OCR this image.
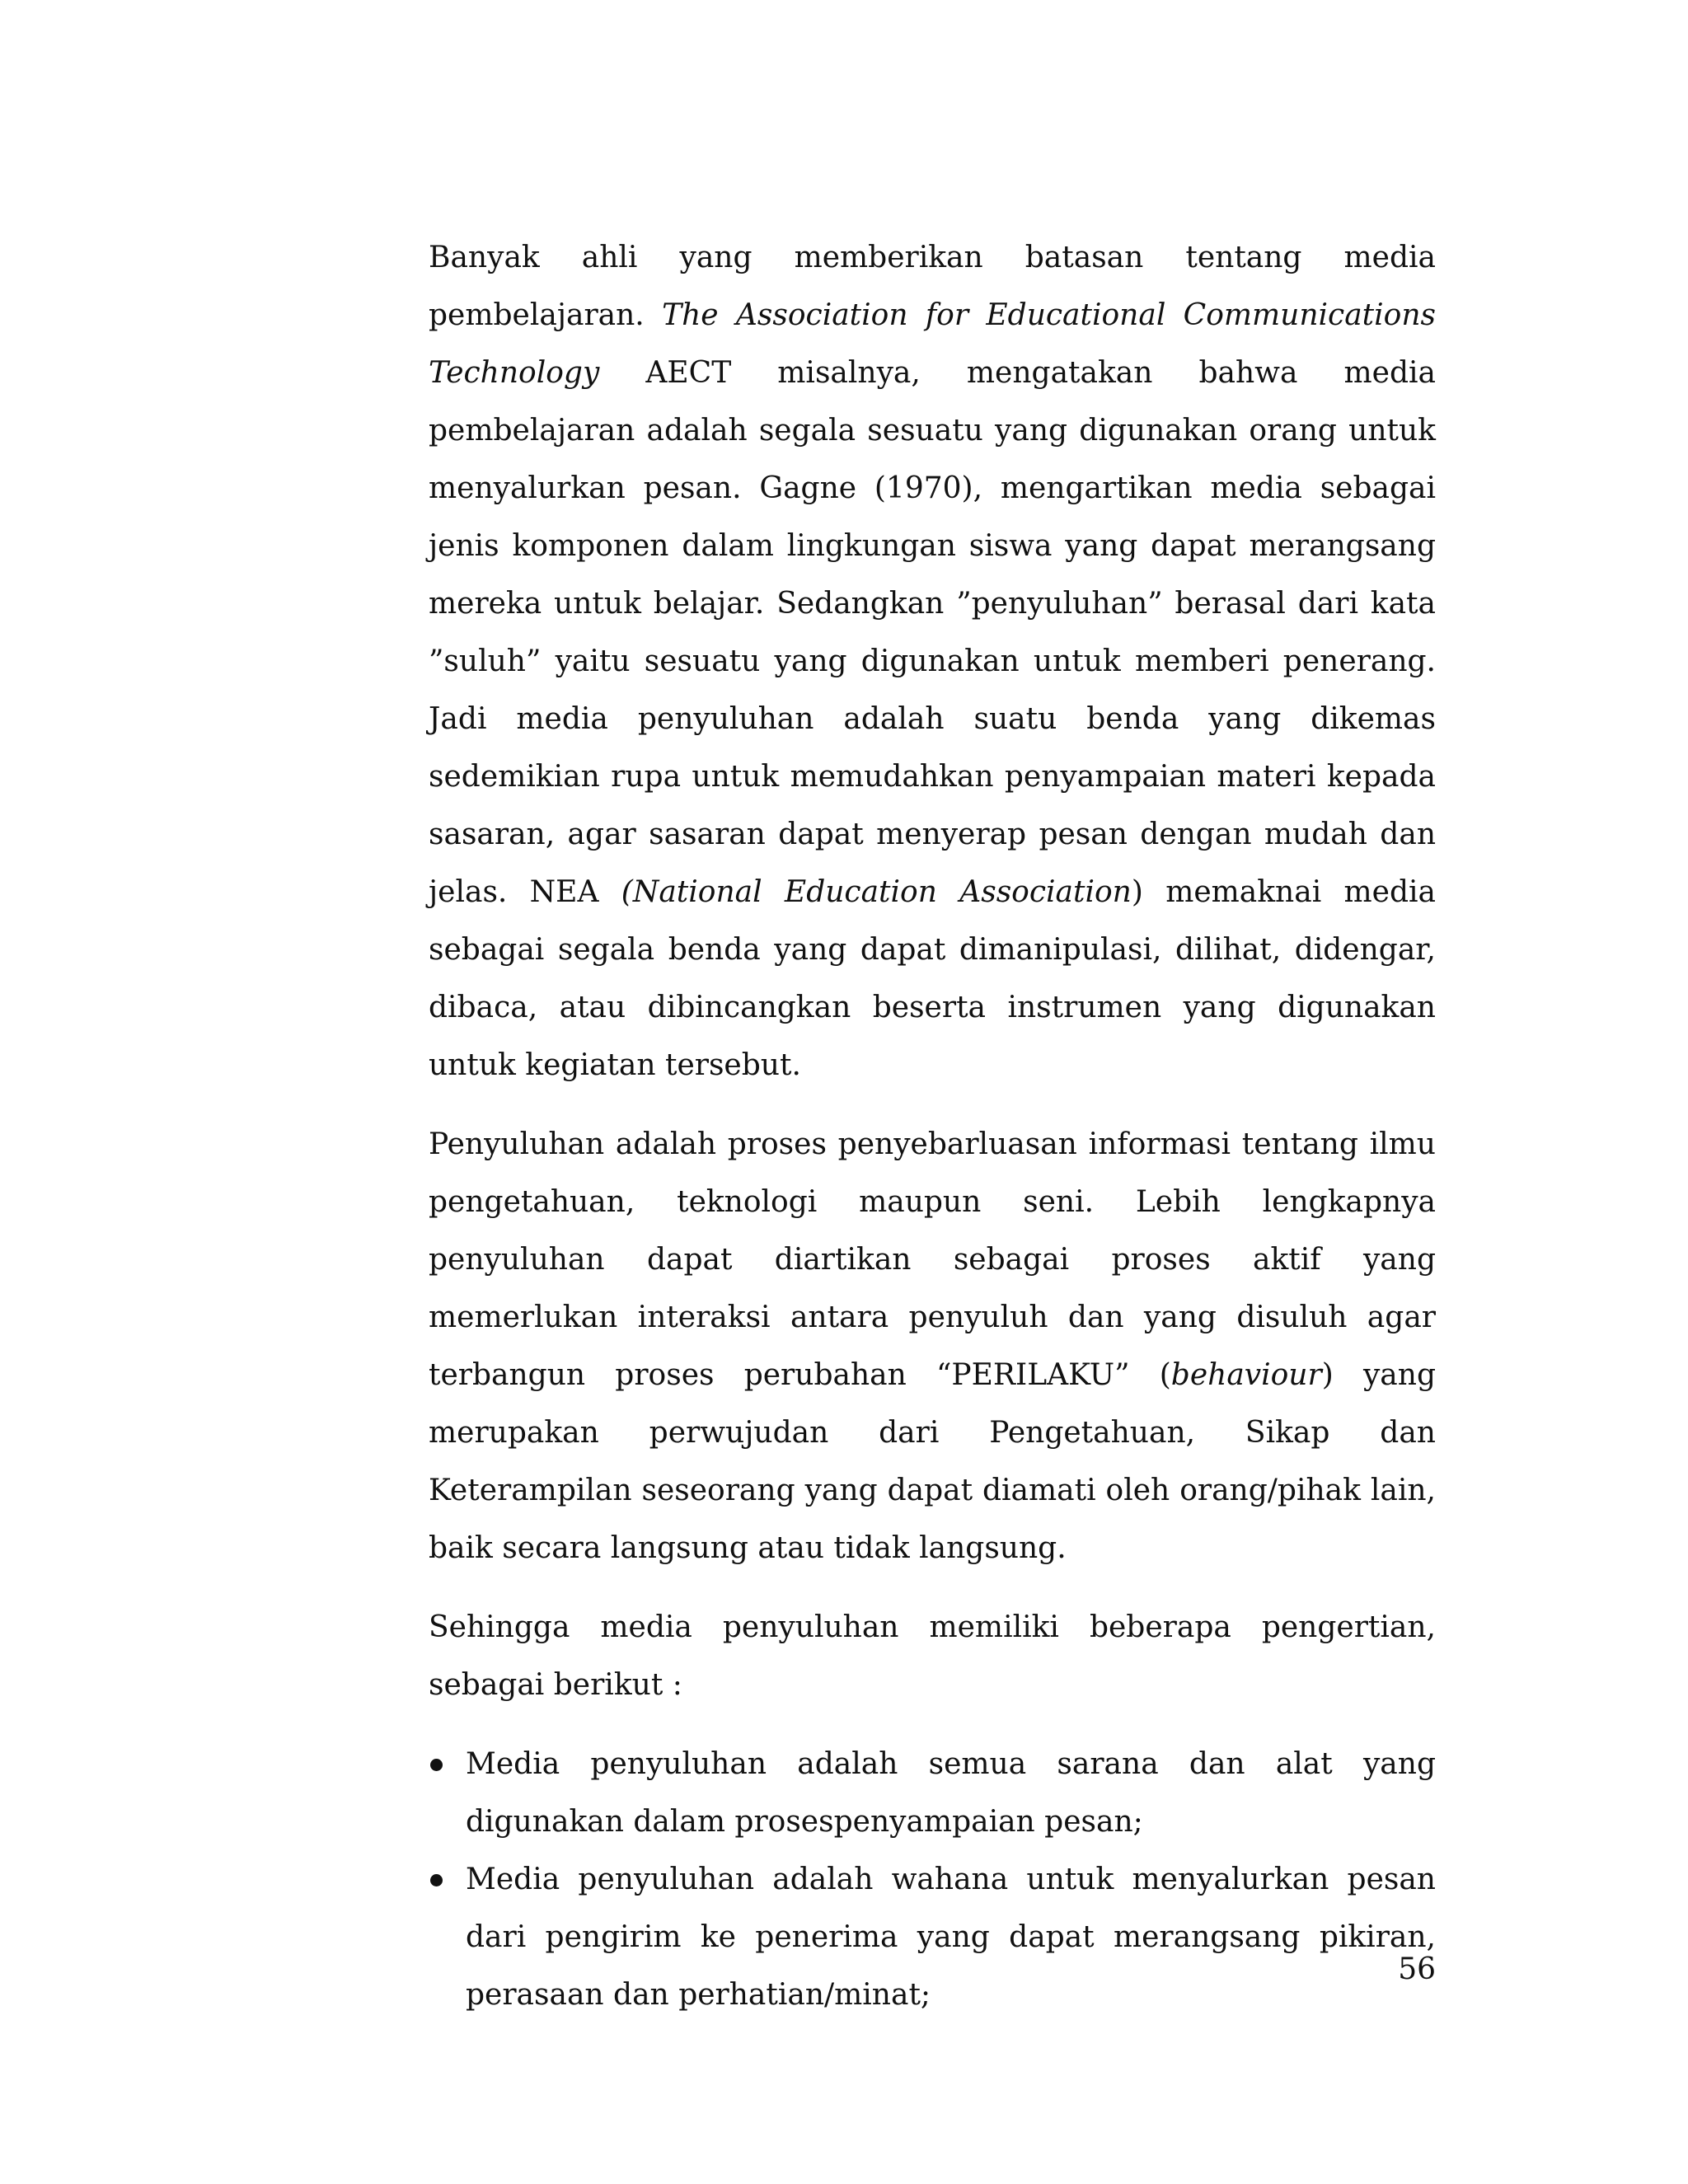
Banyak ahli yang memberikan batasan tentang media pembelajaran. The Association for Educational Communications Technology AECT misalnya, mengatakan bahwa media pembelajaran adalah segala sesuatu yang digunakan orang untuk menyalurkan pesan. Gagne (1970), mengartikan media sebagai jenis komponen dalam lingkungan siswa yang dapat merangsang mereka untuk belajar. Sedangkan ”penyuluhan” berasal dari kata ”suluh” yaitu sesuatu yang digunakan untuk memberi penerang. Jadi media penyuluhan adalah suatu benda yang dikemas sedemikian rupa untuk memudahkan penyampaian materi kepada sasaran, agar sasaran dapat menyerap pesan dengan mudah dan jelas. NEA (National Education Association) memaknai media sebagai segala benda yang dapat dimanipulasi, dilihat, didengar, dibaca, atau dibincangkan beserta instrumen yang digunakan untuk kegiatan tersebut.

Penyuluhan adalah proses penyebarluasan informasi tentang ilmu pengetahuan, teknologi maupun seni. Lebih lengkapnya penyuluhan dapat diartikan sebagai proses aktif yang memerlukan interaksi antara penyuluh dan yang disuluh agar terbangun proses perubahan “PERILAKU” (behaviour) yang merupakan perwujudan dari Pengetahuan, Sikap dan Keterampilan seseorang yang dapat diamati oleh orang/pihak lain, baik secara langsung atau tidak langsung.

Sehingga media penyuluhan memiliki beberapa pengertian, sebagai berikut :

Media penyuluhan adalah semua sarana dan alat yang digunakan dalam prosespenyampaian pesan;
Media penyuluhan adalah wahana untuk menyalurkan pesan dari pengirim ke penerima yang dapat merangsang pikiran, perasaan dan perhatian/minat;
56
